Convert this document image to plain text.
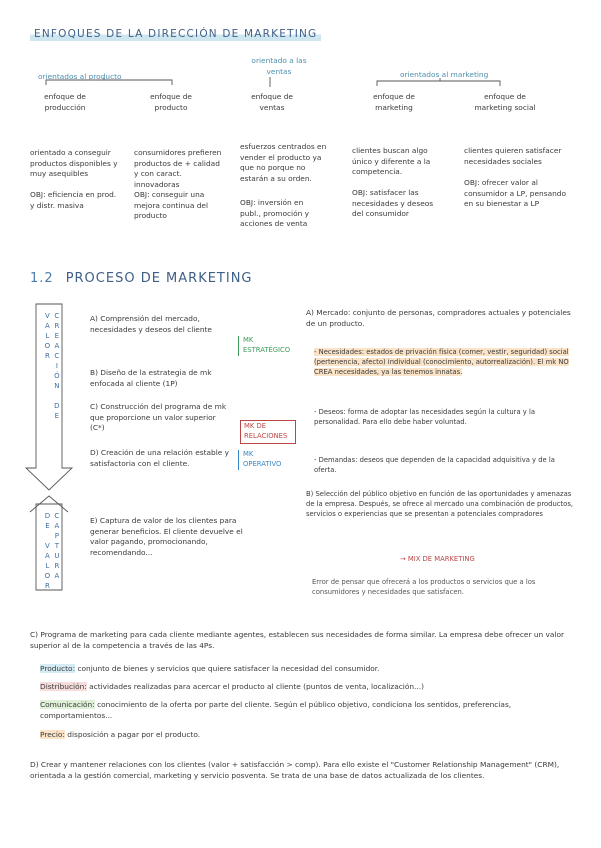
ENFOQUES DE LA DIRECCIÓN DE MARKETING
orientados al producto
orientado a las ventas	orientados al marketing
enfoque de producción
orientado a conseguir productos disponibles y muy asequibles
OBJ: eficiencia en prod. y distr. masiva
enfoque de producto
consumidores prefieren productos de + calidad y con caract. innovadoras
OBJ: conseguir una mejora continua del producto
enfoque de ventas
esfuerzos centrados en vender el producto ya que no porque no estarán a su orden.
OBJ: inversión en publ., promoción y acciones de venta
enfoque de marketing
clientes buscan algo único y diferente a la competencia.
OBJ: satisfacer las necesidades y deseos del consumidor
enfoque de marketing social
clientes quieren satisfacer necesidades sociales
OBJ: ofrecer valor al consumidor a LP, pensando en su bienestar a LP
1.2 PROCESO DE MARKETING
CREACIÓN DE VALOR
CAPTURA DE VALOR
A) Comprensión del mercado, necesidades y deseos del cliente
B) Diseño de la estrategia de mk enfocada al cliente (1P)
C) Construcción del programa de mk que proporcione un valor superior (C*)
D) Creación de una relación estable y satisfactoria con el cliente.
E) Captura de valor de los clientes para generar beneficios. El cliente devuelve el valor pagando, promocionando, recomendando...
MK ESTRATÉGICO
MK DE RELACIONES
MK OPERATIVO
A) Mercado: conjunto de personas, compradores actuales y potenciales de un producto.
- Necesidades: estados de privación física (comer, vestir, seguridad) social (pertenencia, afecto) individual (conocimiento, autorrealización). El mk NO CREA necesidades, ya las tenemos innatas.
- Deseos: forma de adoptar las necesidades según la cultura y la personalidad. Para ello debe haber voluntad.
- Demandas: deseos que dependen de la capacidad adquisitiva y de la oferta.
B) Selección del público objetivo en función de las oportunidades y amenazas de la empresa. Después, se ofrece al mercado una combinación de productos, servicios o experiencias que se presentan a potenciales compradores
→ MIX DE MARKETING
Error de pensar que ofrecerá a los productos o servicios que a los consumidores y necesidades que satisfacen.
C) Programa de marketing para cada cliente mediante agentes, establecen sus necesidades de forma similar. La empresa debe ofrecer un valor superior al de la competencia a través de las 4Ps.
Producto: conjunto de bienes y servicios que quiere satisfacer la necesidad del consumidor.
Distribución: actividades realizadas para acercar el producto al cliente (puntos de venta, localización...)
Comunicación: conocimiento de la oferta por parte del cliente. Según el público objetivo, condiciona los sentidos, preferencias, comportamientos...
Precio: disposición a pagar por el producto.
D) Crear y mantener relaciones con los clientes (valor + satisfacción > comp). Para ello existe el "Customer Relationship Management" (CRM), orientada a la gestión comercial, marketing y servicio posventa. Se trata de una base de datos actualizada de los clientes.
